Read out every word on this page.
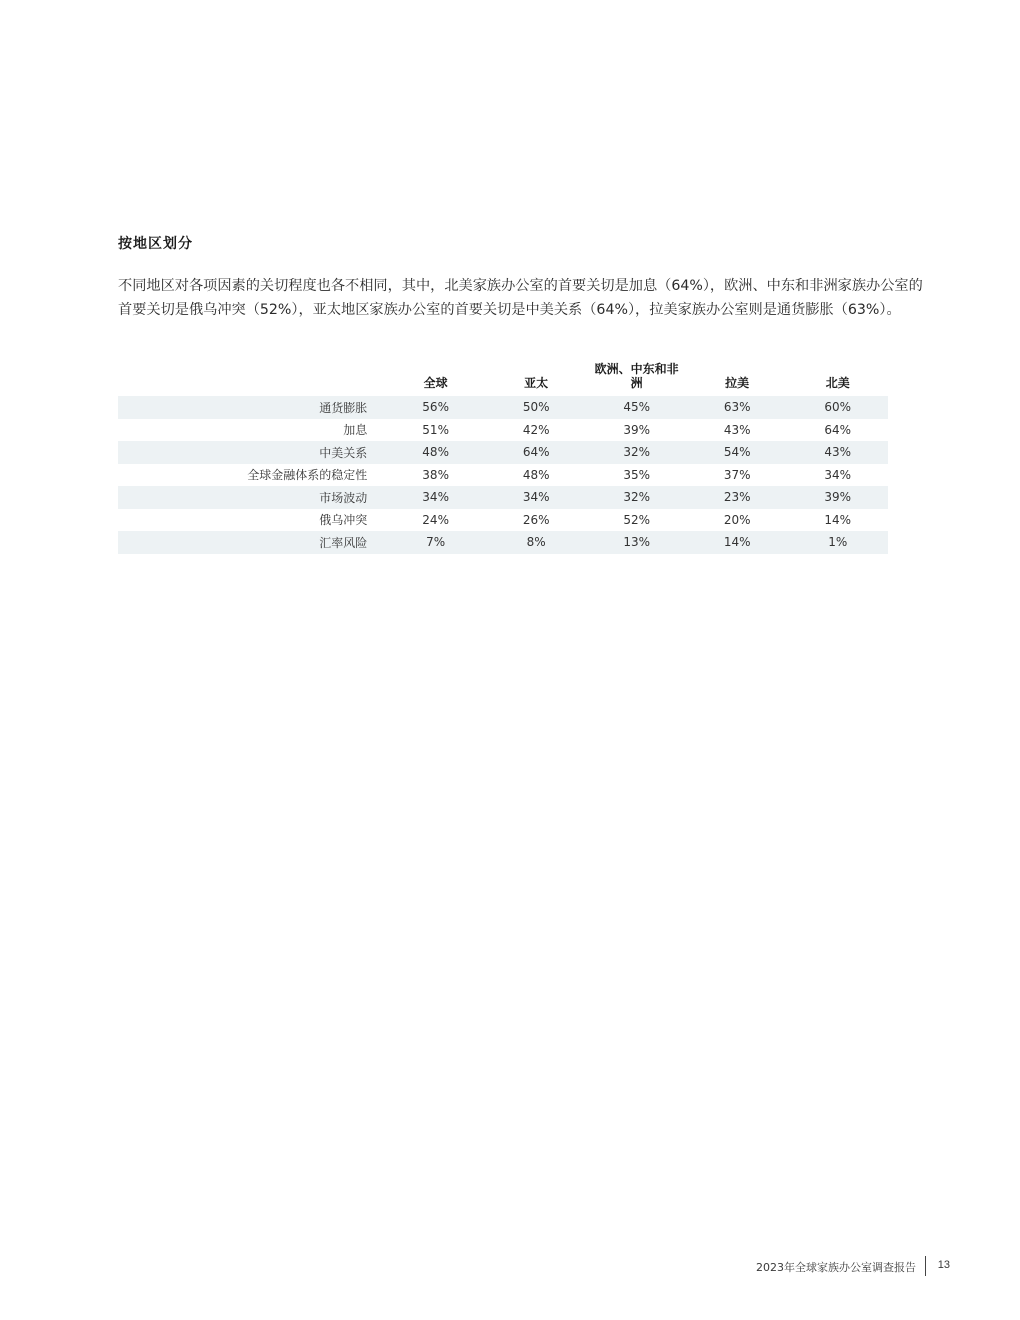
按地区划分

不同地区对各项因素的关切程度也各不相同，其中，北美家族办公室的首要关切是加息（64%），欧洲、中东和非洲家族办公室的首要关切是俄乌冲突（52%），亚太地区家族办公室的首要关切是中美关系（64%），拉美家族办公室则是通货膨胀（63%）。

		全球	亚太	欧洲、中东和非洲	拉美	北美
通货膨胀		56%	50%	45%	63%	60%
加息		51%	42%	39%	43%	64%
中美关系		48%	64%	32%	54%	43%
全球金融体系的稳定性		38%	48%	35%	37%	34%
市场波动		34%	34%	32%	23%	39%
俄乌冲突		24%	26%	52%	20%	14%
汇率风险		7%	8%	13%	14%	1%
2023年全球家族办公室调查报告 13
